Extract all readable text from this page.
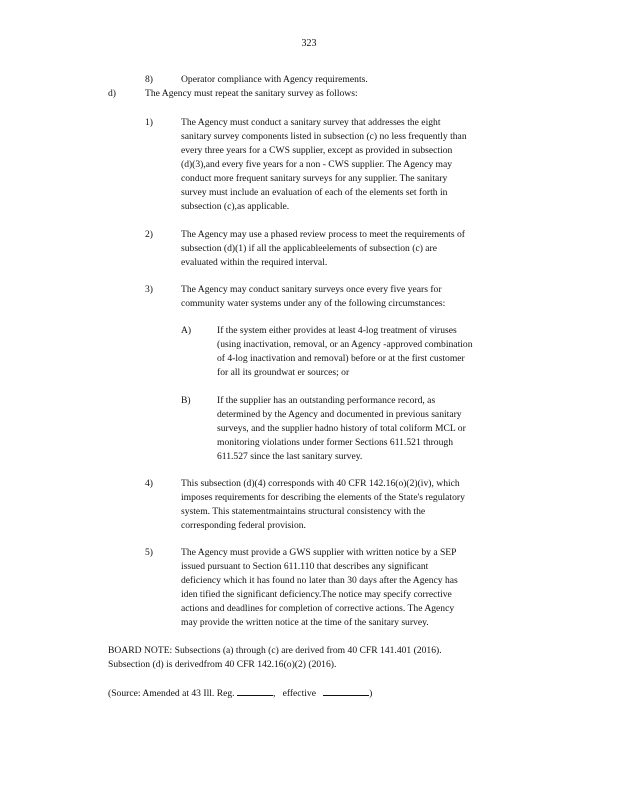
323
8)	Operator compliance with Agency requirements.
d)	The Agency must repeat the sanitary survey as follows:
1)	The Agency must conduct a sanitary survey that addresses the eight
sanitary survey components listed in subsection (c) no less frequently than
every three years for a CWS supplier, except as provided in subsection
(d)(3),and every five years for a non - CWS supplier. The Agency may
conduct more frequent sanitary surveys for any supplier. The sanitary
survey must include an evaluation of each of the elements set forth in
subsection (c),as applicable.
2)	The Agency may use a phased review process to meet the requirements of
subsection (d)(1) if all the applicableelements of subsection (c) are
evaluated within the required interval.
3)	The Agency may conduct sanitary surveys once every five years for
community water systems under any of the following circumstances:
A)	If the system either provides at least 4-log treatment of viruses
(using inactivation, removal, or an Agency -approved combination
of 4-log inactivation and removal) before or at the first customer
for all its groundwat er sources; or
B)	If the supplier has an outstanding performance record, as
determined by the Agency and documented in previous sanitary
surveys, and the supplier hadno history of total coliform MCL or
monitoring violations under former Sections 611.521 through
611.527 since the last sanitary survey.
4)	This subsection (d)(4) corresponds with 40 CFR 142.16(o)(2)(iv), which
imposes requirements for describing the elements of the State's regulatory
system. This statementmaintains structural consistency with the
corresponding federal provision.
5)	The Agency must provide a GWS supplier with written notice by a SEP
issued pursuant to Section 611.110 that describes any significant
deficiency which it has found no later than 30 days after the Agency has
iden tified the significant deficiency.The notice may specify corrective
actions and deadlines for completion of corrective actions. The Agency
may provide the written notice at the time of the sanitary survey.
BOARD NOTE: Subsections (a) through (c) are derived from 40 CFR 141.401 (2016).
Subsection (d) is derivedfrom 40 CFR 142.16(o)(2) (2016).
(Source: Amended at 43 Ill. Reg.	, effective	)
